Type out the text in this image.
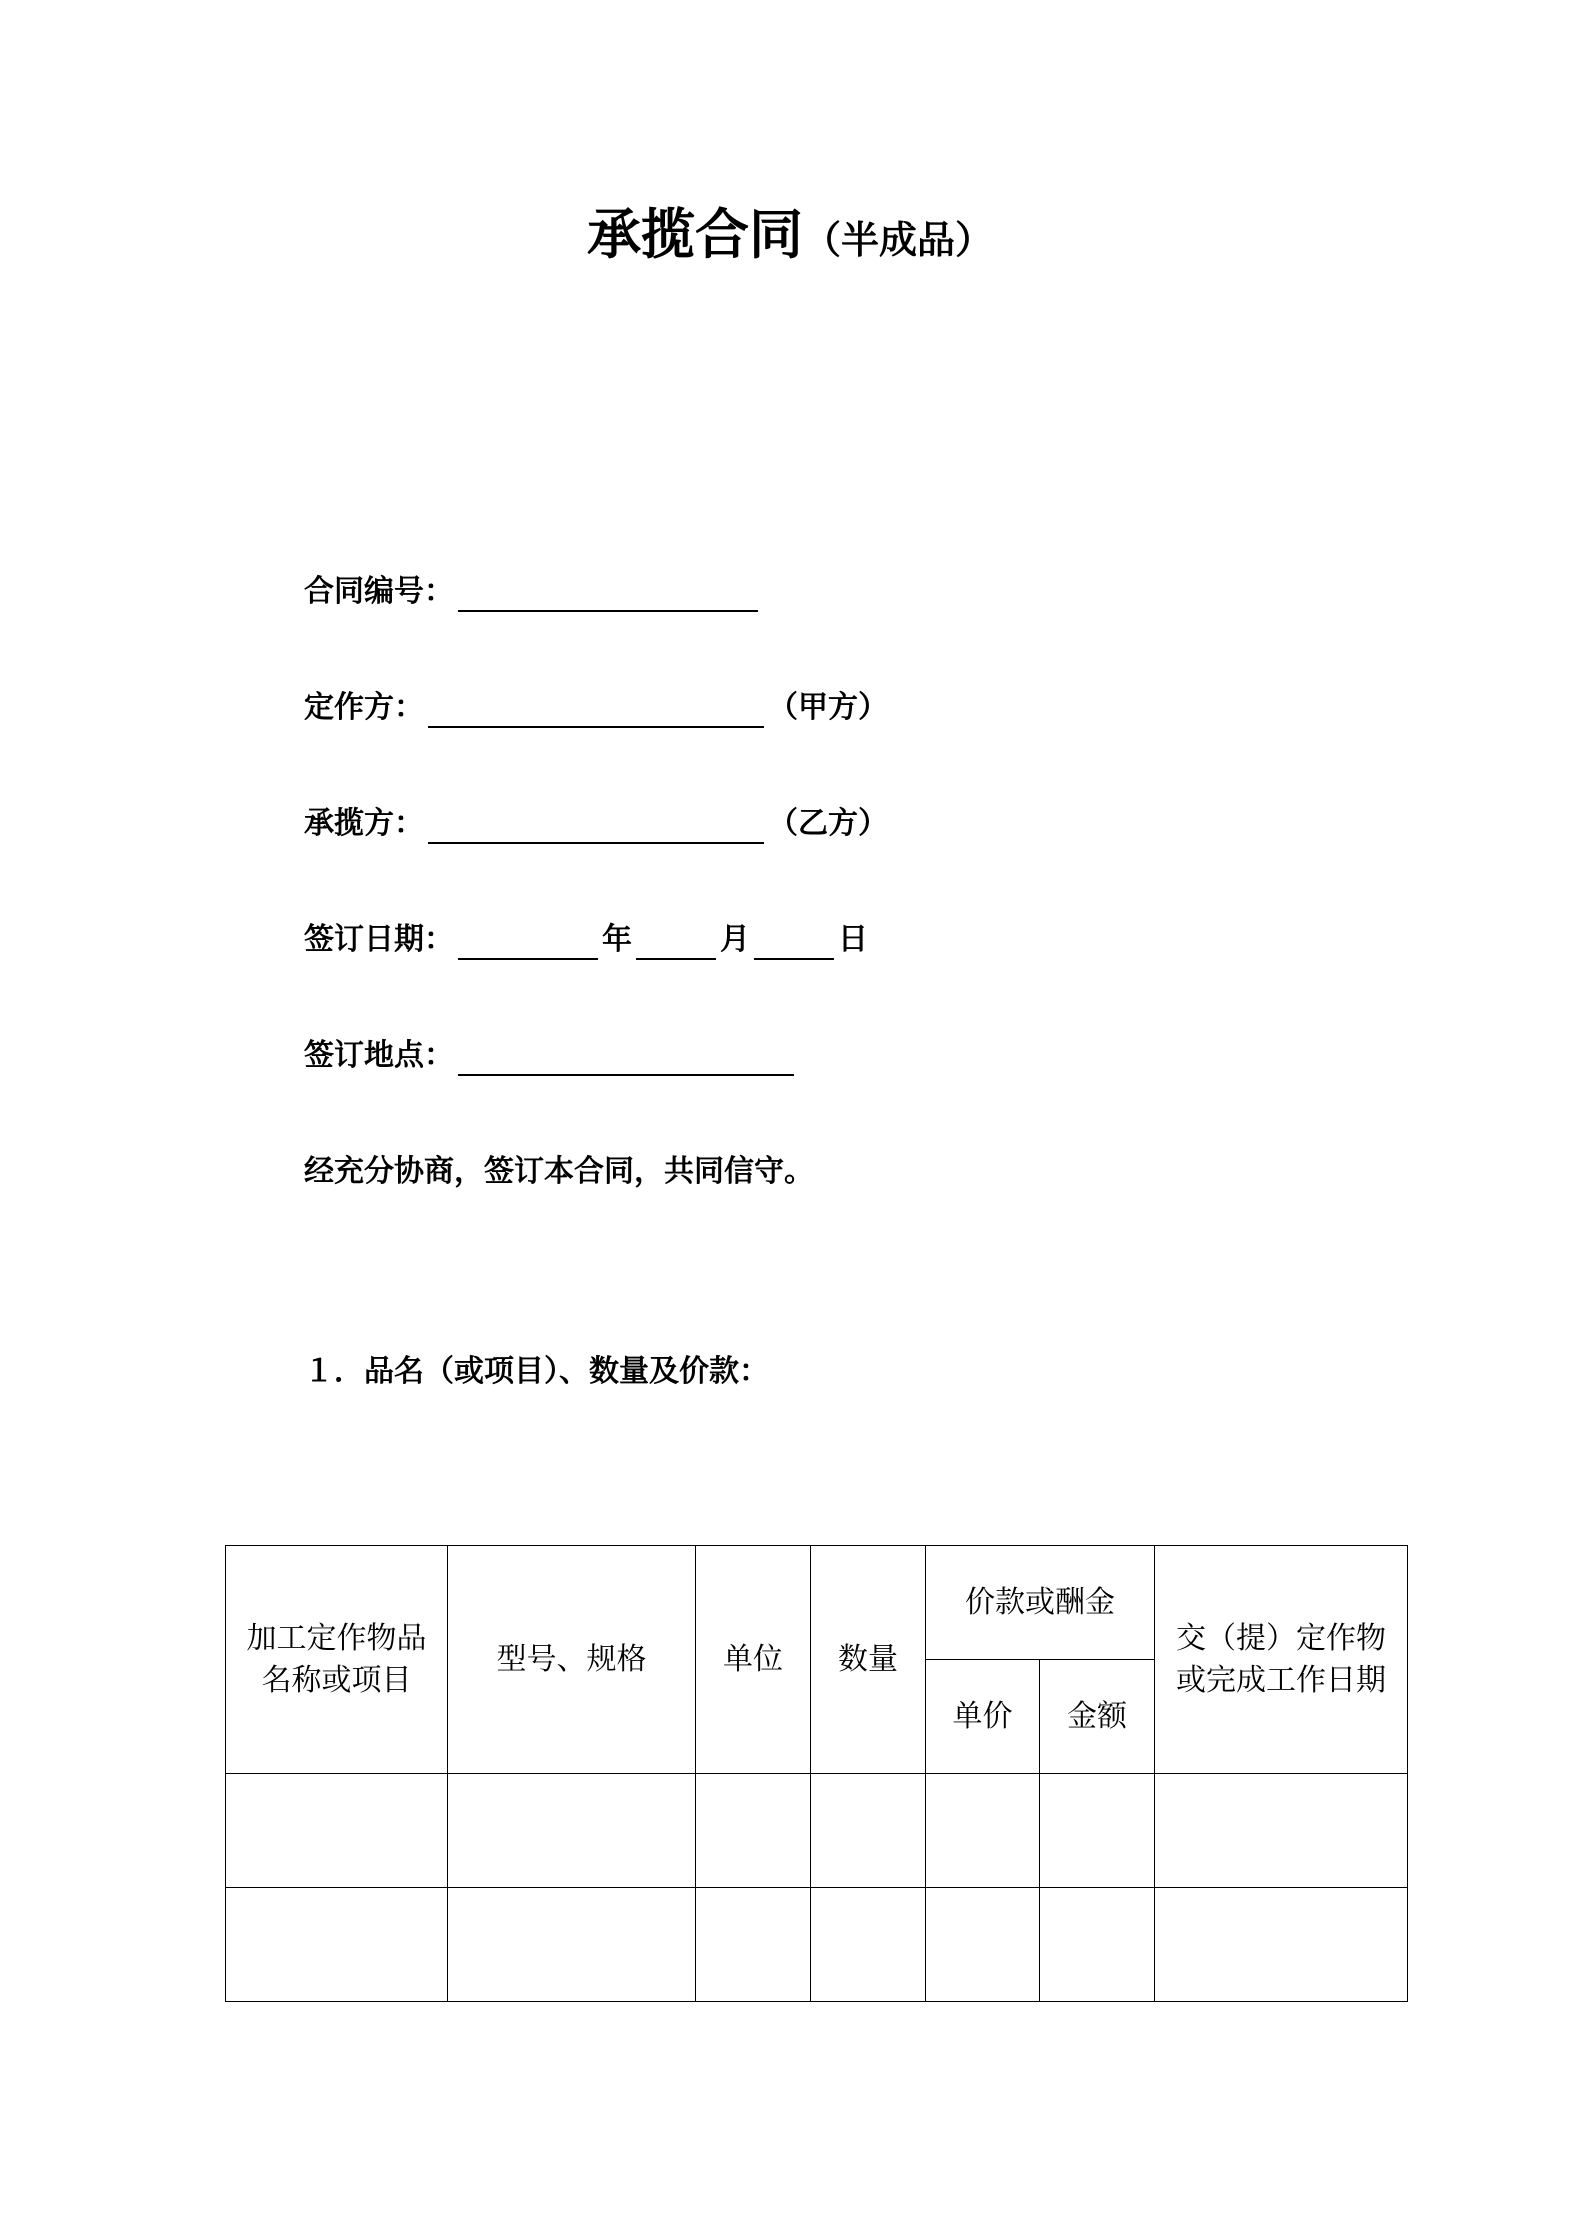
承揽合同（半成品）
合同编号：
定作方：	（甲方）
承揽方：	（乙方）
签订日期：	年	月	日
签订地点：
经充分协商，签订本合同，共同信守。
１．品名（或项目）、数量及价款：
加工定作物品名称或项目	型号、规格	单位	数量	价款或酬金		交（提）定作物或完成工作日期
				单价	金额	
